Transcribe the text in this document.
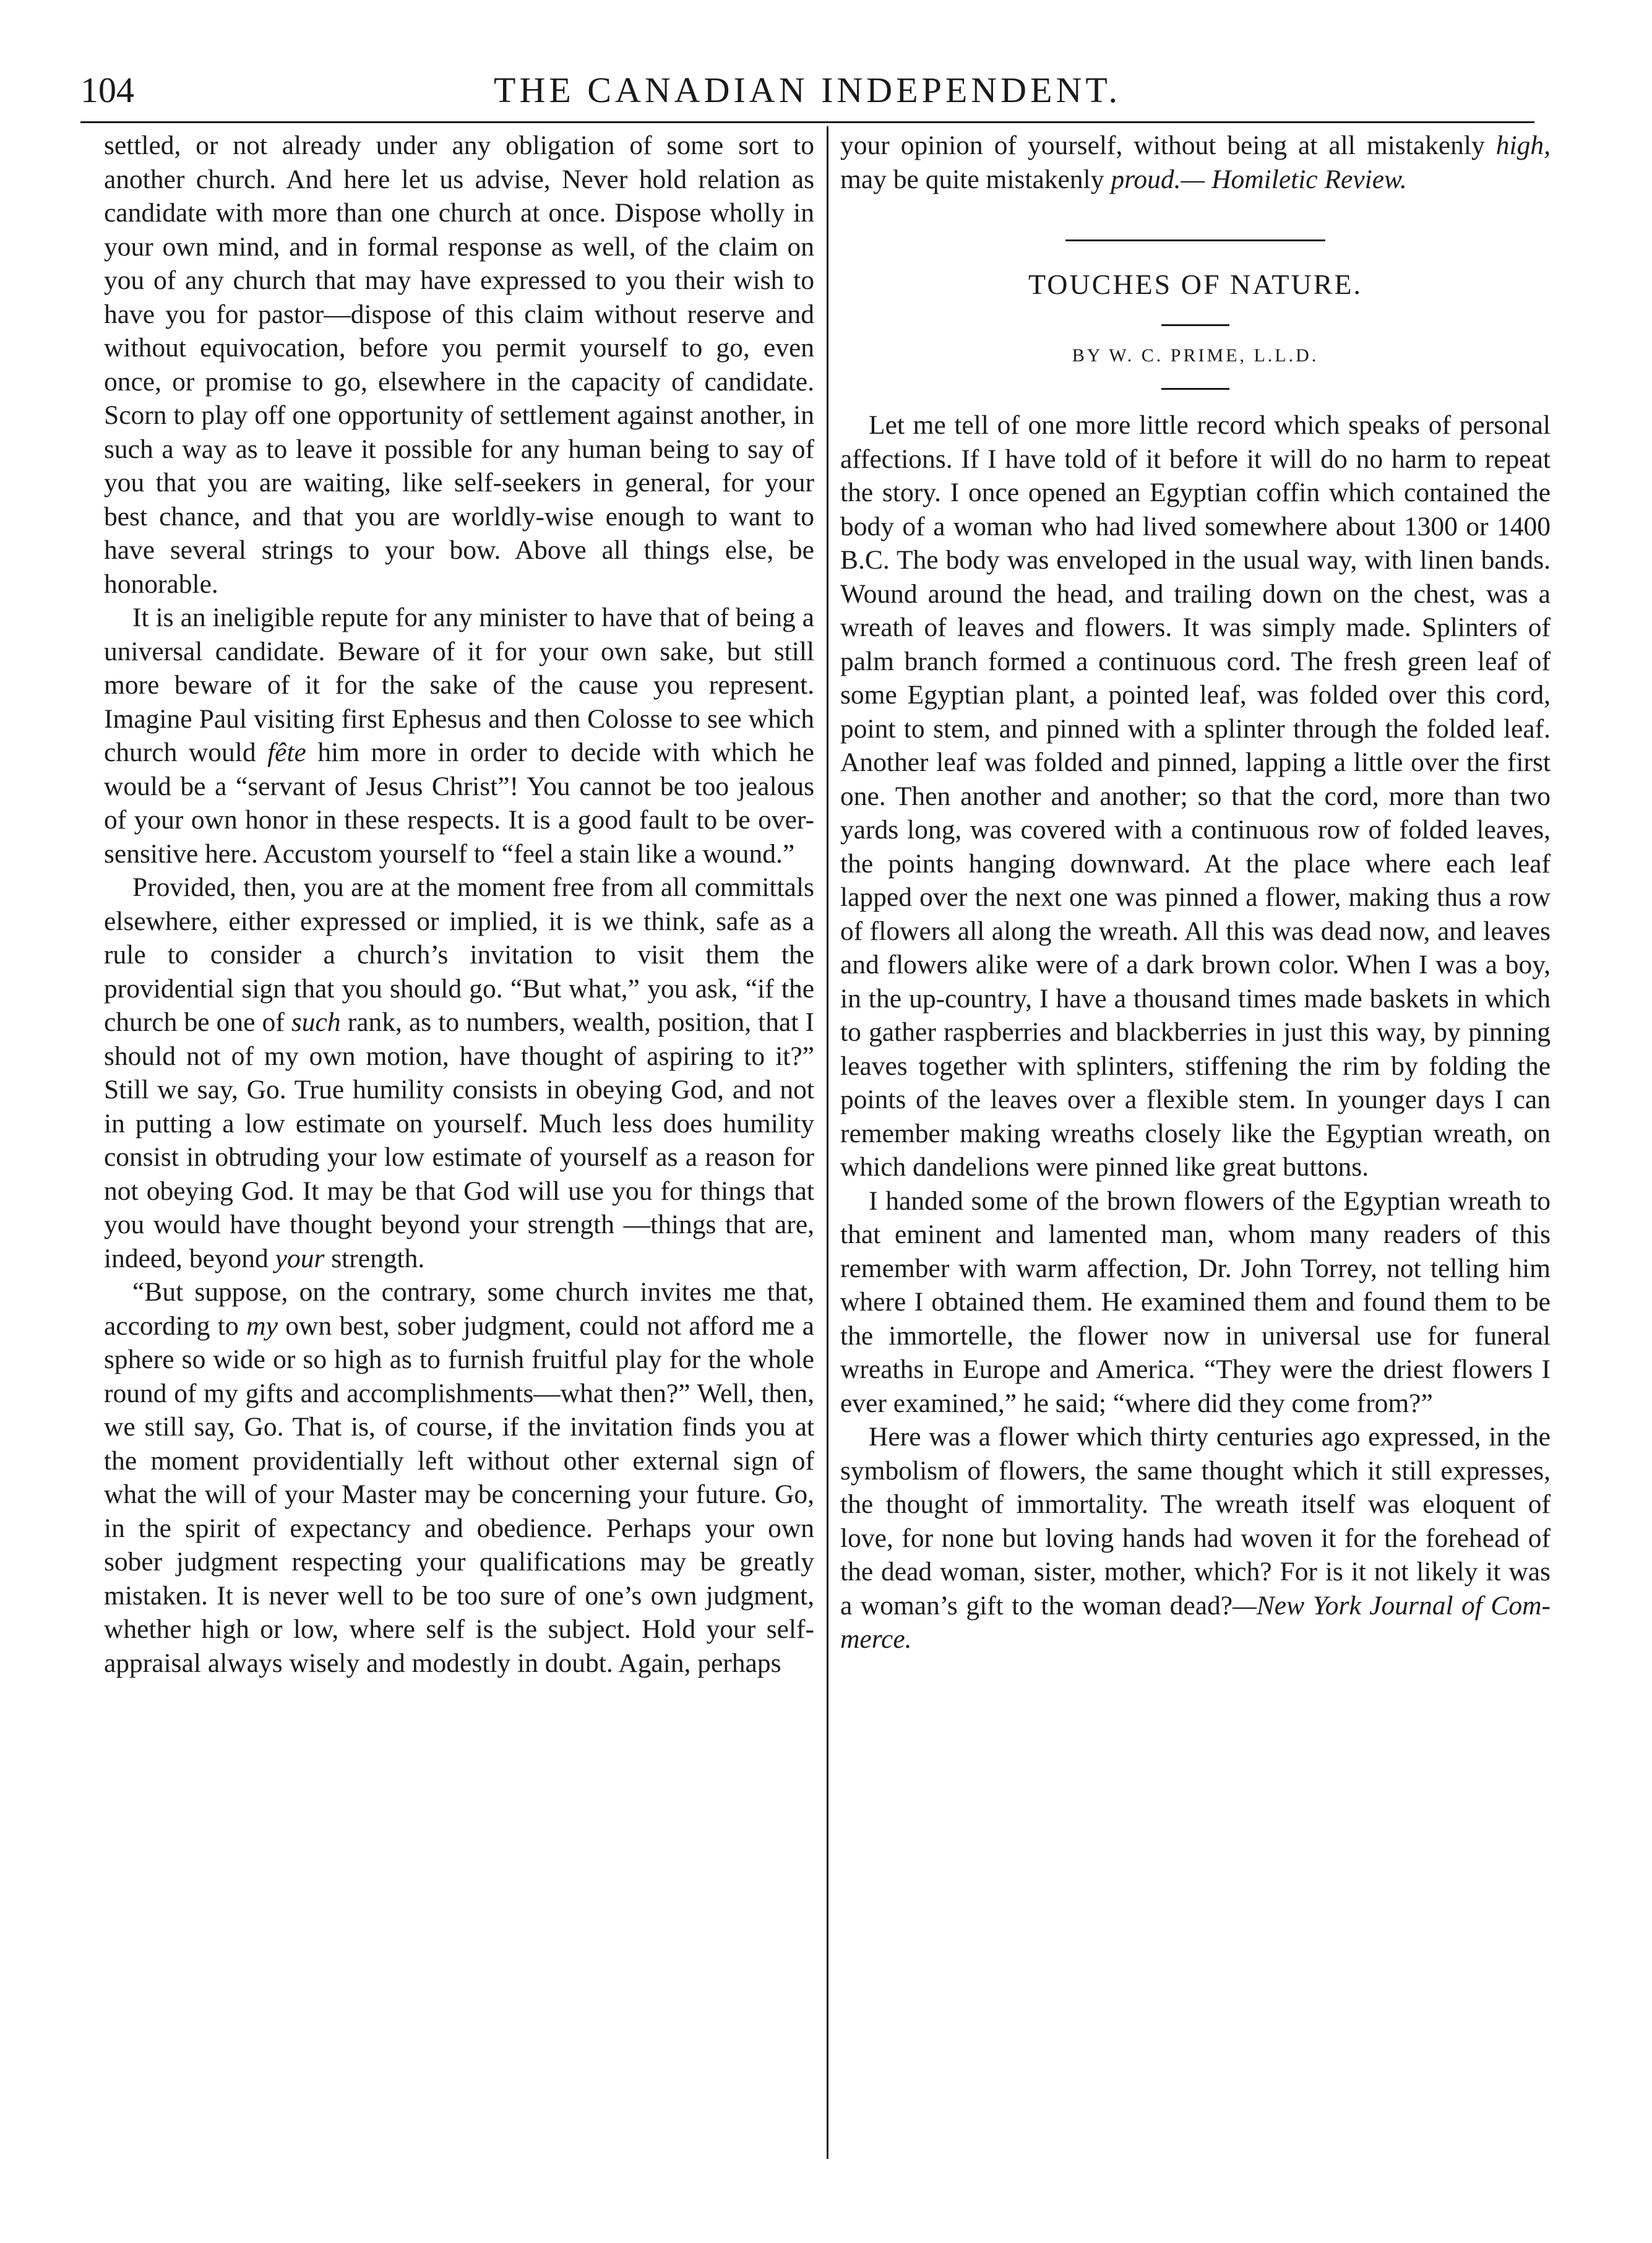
104	THE CANADIAN INDEPENDENT.

settled, or not already under any obligation of some sort to another church. And here let us advise, Never hold relation as candidate with more than one church at once. Dispose wholly in your own mind, and in formal response as well, of the claim on you of any church that may have expressed to you their wish to have you for pastor—dispose of this claim without reserve and without equivocation, before you permit yourself to go, even once, or promise to go, elsewhere in the capacity of candidate. Scorn to play off one opportunity of settlement against another, in such a way as to leave it possible for any human being to say of you that you are waiting, like self-seekers in general, for your best chance, and that you are worldly-wise enough to want to have several strings to your bow. Above all things else, be honorable.

It is an ineligible repute for any minister to have that of being a universal candidate. Beware of it for your own sake, but still more beware of it for the sake of the cause you represent. Imagine Paul visiting first Ephesus and then Colosse to see which church would fête him more in order to decide with which he would be a “servant of Jesus Christ”! You cannot be too jealous of your own honor in these respects. It is a good fault to be over-sensitive here. Accustom yourself to “feel a stain like a wound.”

Provided, then, you are at the moment free from all committals elsewhere, either expressed or implied, it is we think, safe as a rule to consider a church’s invitation to visit them the providential sign that you should go. “But what,” you ask, “if the church be one of such rank, as to numbers, wealth, position, that I should not of my own motion, have thought of aspiring to it?” Still we say, Go. True humility consists in obeying God, and not in putting a low estimate on yourself. Much less does humility consist in obtruding your low estimate of yourself as a reason for not obeying God. It may be that God will use you for things that you would have thought beyond your strength —things that are, indeed, beyond your strength.

“But suppose, on the contrary, some church invites me that, according to my own best, sober judgment, could not afford me a sphere so wide or so high as to furnish fruitful play for the whole round of my gifts and accomplishments—what then?” Well, then, we still say, Go. That is, of course, if the invitation finds you at the moment providentially left without other external sign of what the will of your Master may be concerning your future. Go, in the spirit of expectancy and obedience. Perhaps your own sober judgment respecting your qualifications may be greatly mistaken. It is never well to be too sure of one’s own judgment, whether high or low, where self is the subject. Hold your self-appraisal always wisely and modestly in doubt. Again, perhaps

your opinion of yourself, without being at all mistakenly high, may be quite mistakenly proud.— Homiletic Review.

TOUCHES OF NATURE.
BY W. C. PRIME, L.L.D.

Let me tell of one more little record which speaks of personal affections. If I have told of it before it will do no harm to repeat the story. I once opened an Egyptian coffin which contained the body of a woman who had lived somewhere about 1300 or 1400 B.C. The body was enveloped in the usual way, with linen bands. Wound around the head, and trailing down on the chest, was a wreath of leaves and flowers. It was simply made. Splinters of palm branch formed a continuous cord. The fresh green leaf of some Egyptian plant, a pointed leaf, was folded over this cord, point to stem, and pinned with a splinter through the folded leaf. Another leaf was folded and pinned, lapping a little over the first one. Then another and another; so that the cord, more than two yards long, was covered with a continuous row of folded leaves, the points hanging downward. At the place where each leaf lapped over the next one was pinned a flower, making thus a row of flowers all along the wreath. All this was dead now, and leaves and flowers alike were of a dark brown color. When I was a boy, in the up-country, I have a thousand times made baskets in which to gather raspberries and blackberries in just this way, by pinning leaves together with splinters, stiffening the rim by folding the points of the leaves over a flexible stem. In younger days I can remember making wreaths closely like the Egyptian wreath, on which dandelions were pinned like great buttons.

I handed some of the brown flowers of the Egyptian wreath to that eminent and lamented man, whom many readers of this remember with warm affection, Dr. John Torrey, not telling him where I obtained them. He examined them and found them to be the immortelle, the flower now in universal use for funeral wreaths in Europe and America. “They were the driest flowers I ever examined,” he said; “where did they come from?”

Here was a flower which thirty centuries ago expressed, in the symbolism of flowers, the same thought which it still expresses, the thought of immortality. The wreath itself was eloquent of love, for none but loving hands had woven it for the forehead of the dead woman, sister, mother, which? For is it not likely it was a woman’s gift to the woman dead?—New York Journal of Commerce.
